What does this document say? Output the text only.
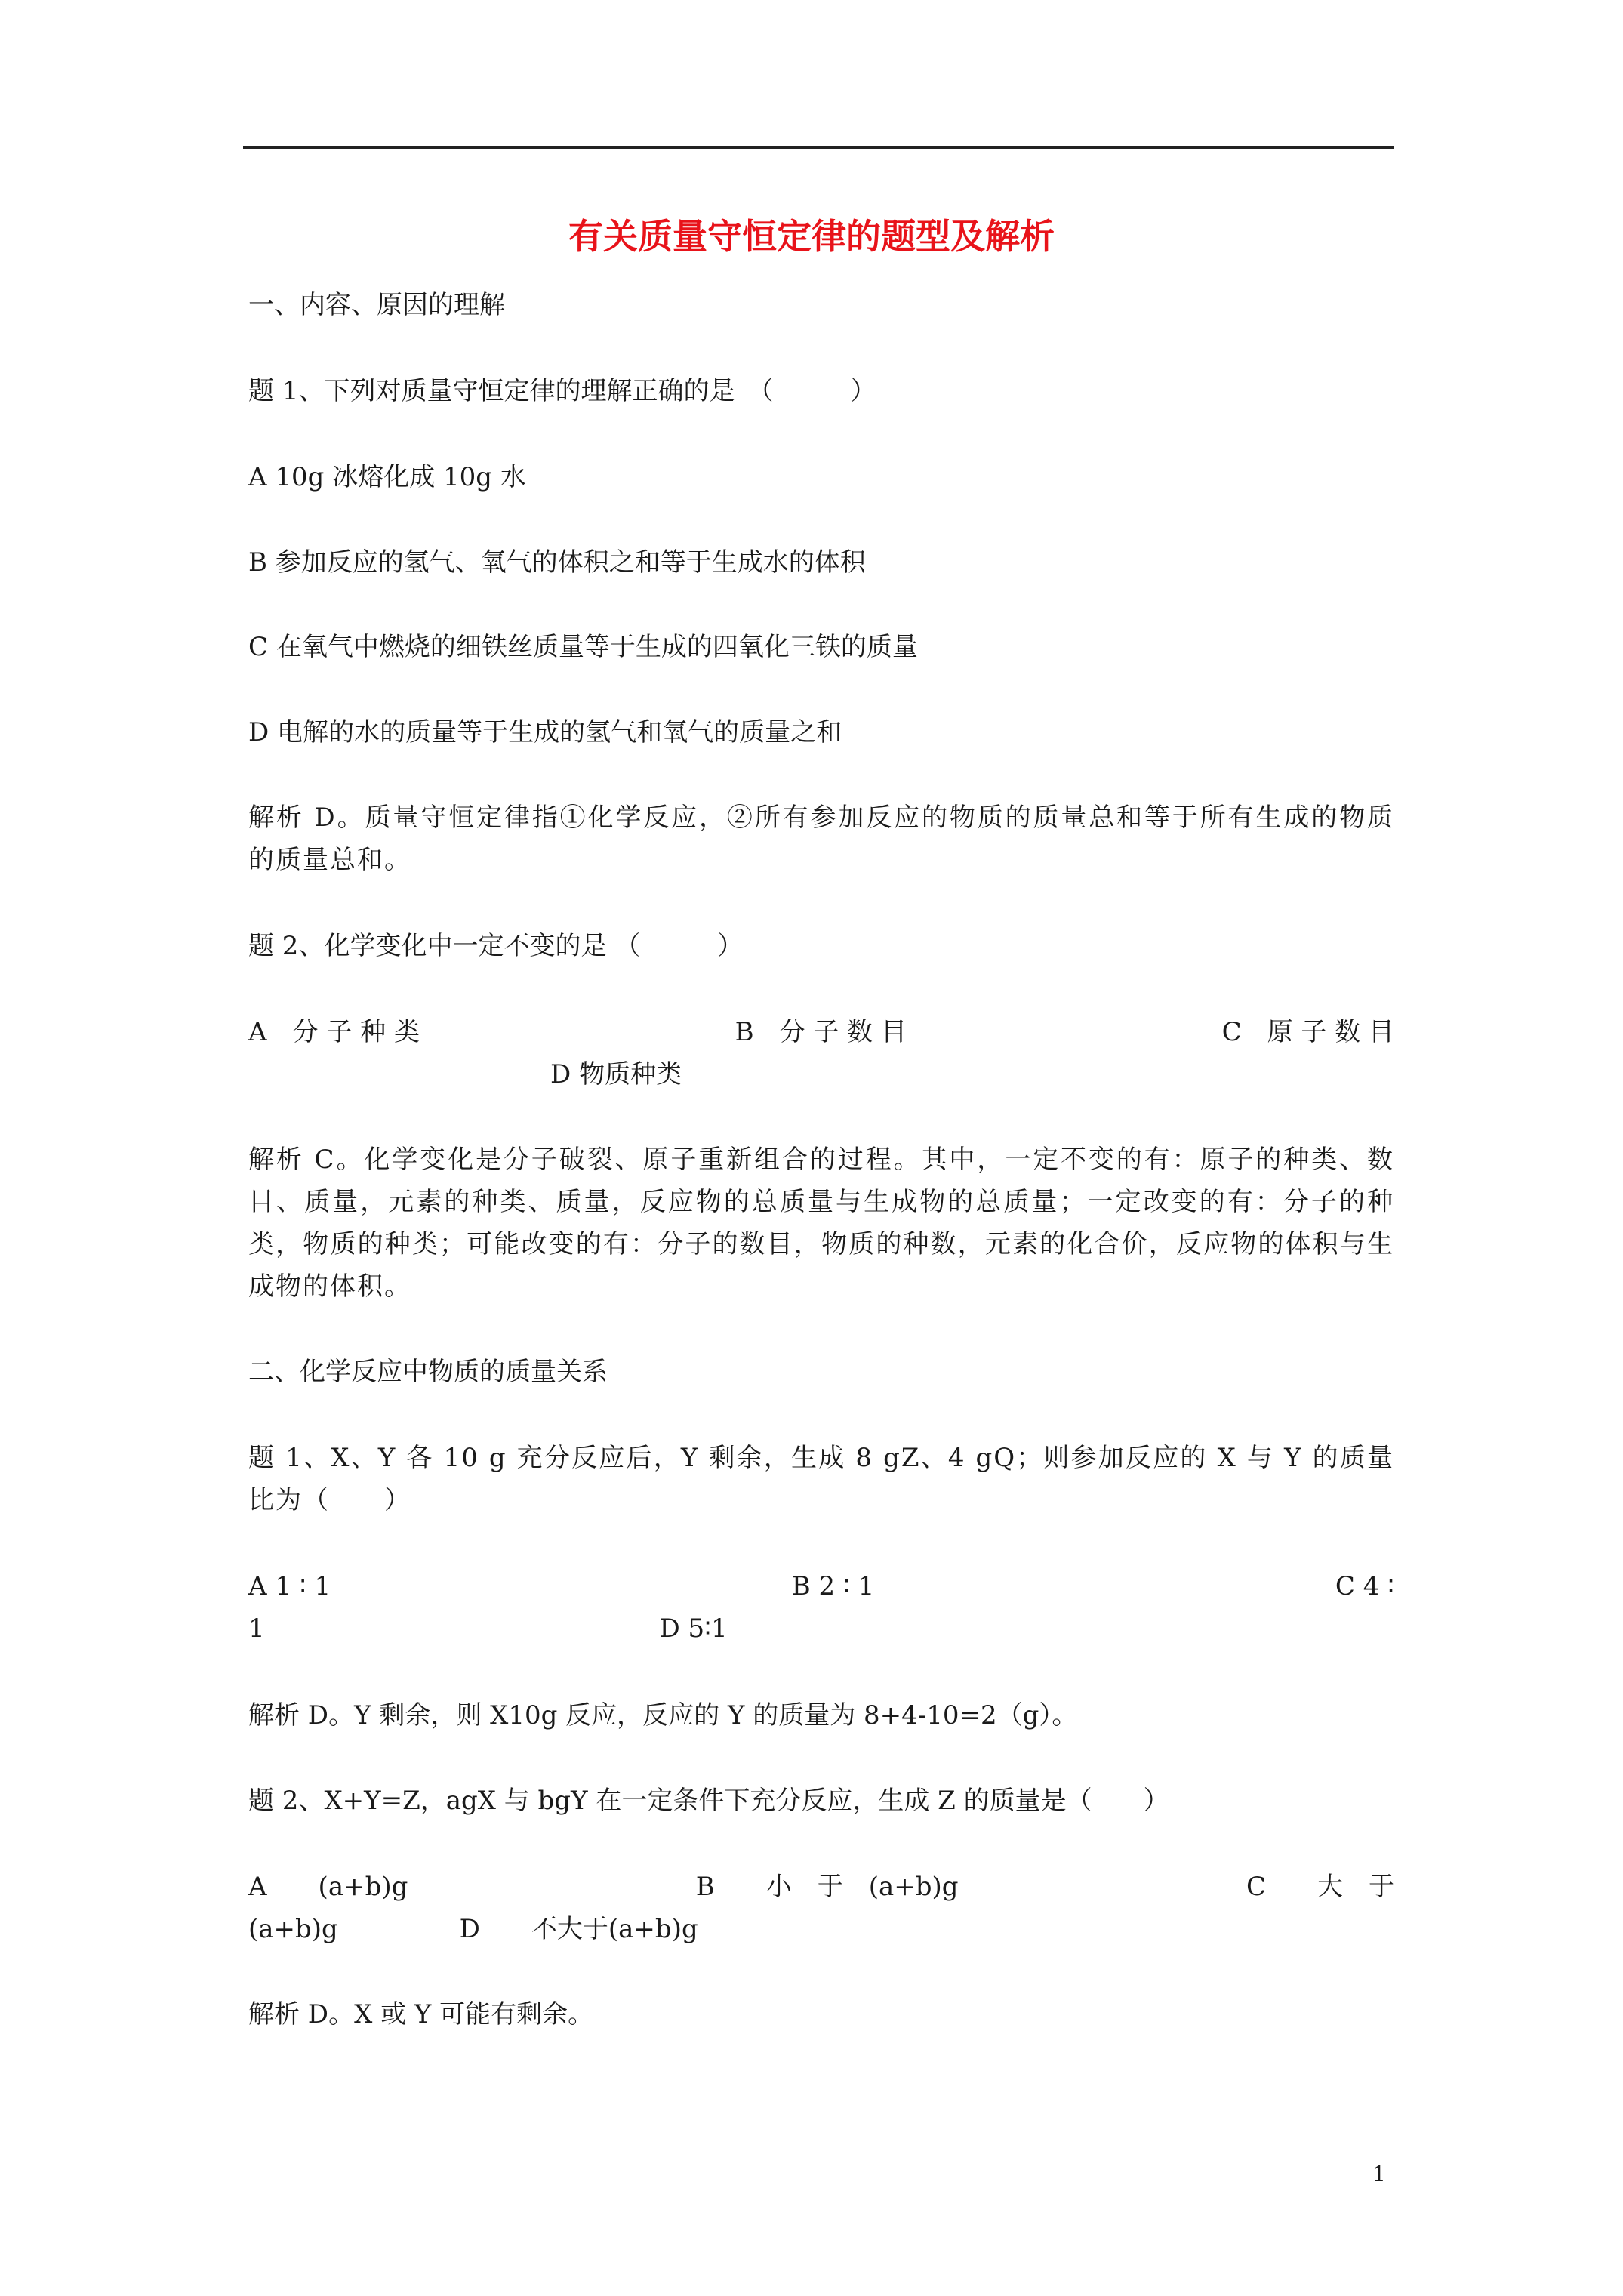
有关质量守恒定律的题型及解析
一、内容、原因的理解
题 1、下列对质量守恒定律的理解正确的是　（　　　）
A 10g 冰熔化成 10g 水
B 参加反应的氢气、氧气的体积之和等于生成水的体积
C 在氧气中燃烧的细铁丝质量等于生成的四氧化三铁的质量
D 电解的水的质量等于生成的氢气和氧气的质量之和
解析 D。质量守恒定律指①化学反应，②所有参加反应的物质的质量总和等于所有生成的物质的质量总和。
题 2、化学变化中一定不变的是 （　　　）
A　分 子 种 类	B　分 子 数 目	C　原 子 数 目
D 物质种类
解析 C。化学变化是分子破裂、原子重新组合的过程。其中，一定不变的有：原子的种类、数目、质量，元素的种类、质量，反应物的总质量与生成物的总质量；一定改变的有：分子的种类，物质的种类；可能改变的有：分子的数目，物质的种数，元素的化合价，反应物的体积与生成物的体积。
二、化学反应中物质的质量关系
题 1、X、Y 各 10 g 充分反应后，Y 剩余，生成 8 gZ、4 gQ；则参加反应的 X 与 Y 的质量比为（　　）
A 1 ∶ 1	B 2 ∶ 1	C 4 ∶
1	D 5∶1
解析 D。Y 剩余，则 X10g 反应，反应的 Y 的质量为 8+4-10=2（g）。
题 2、X+Y=Z，agX 与 bgY 在一定条件下充分反应，生成 Z 的质量是（　　）
A　　(a+b)g	B　　小　于　(a+b)g	C　　大　于
(a+b)g	D　　不大于(a+b)g
解析 D。X 或 Y 可能有剩余。
1
